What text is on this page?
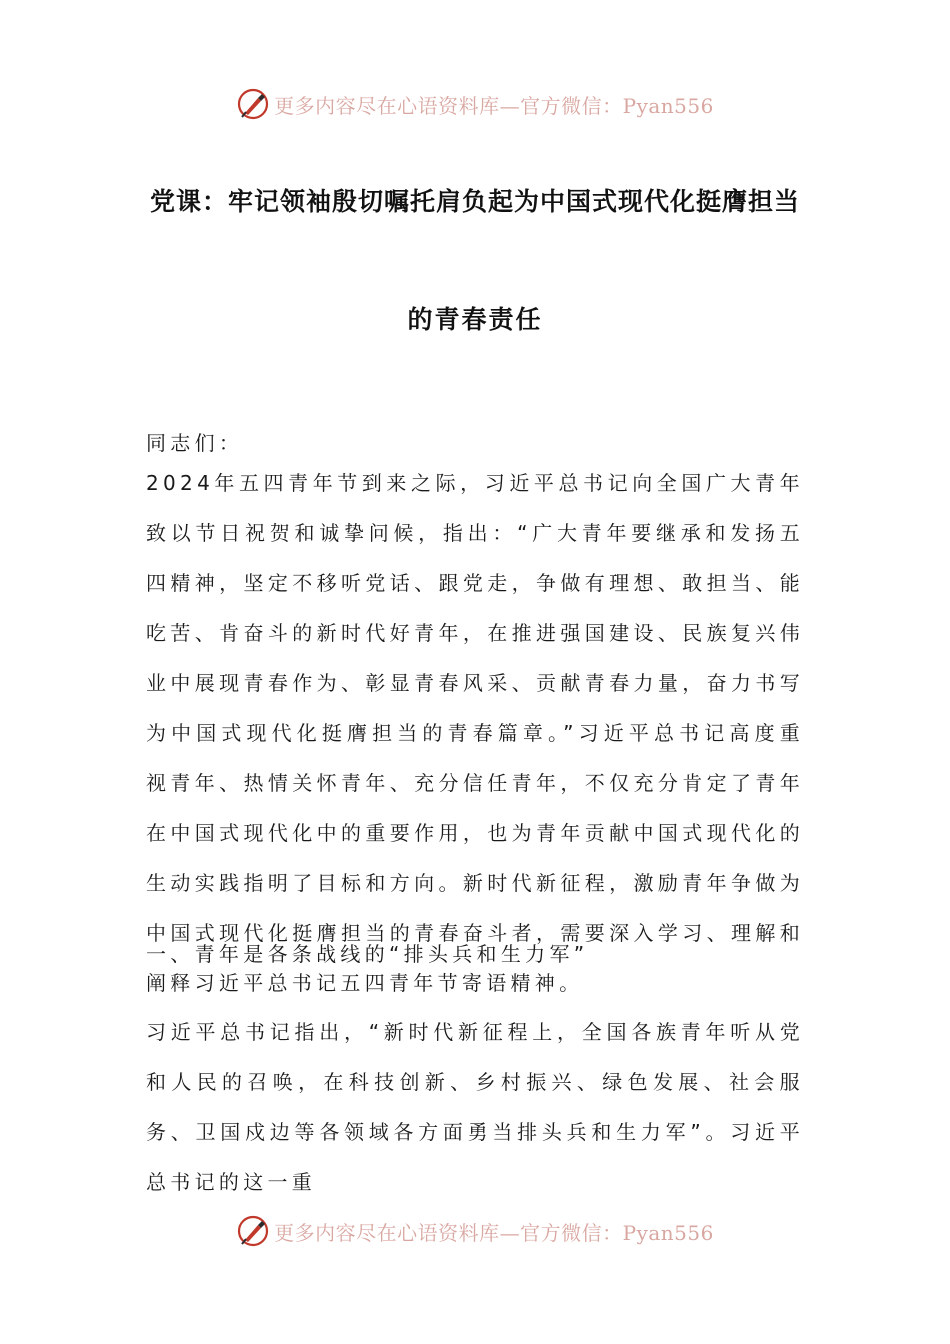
更多内容尽在心语资料库—官方微信：Pyan556
党课：牢记领袖殷切嘱托肩负起为中国式现代化挺膺担当
的青春责任

同志们：

2024年五四青年节到来之际，习近平总书记向全国广大青年致以节日祝贺和诚挚问候，指出：“广大青年要继承和发扬五四精神，坚定不移听党话、跟党走，争做有理想、敢担当、能吃苦、肯奋斗的新时代好青年，在推进强国建设、民族复兴伟业中展现青春作为、彰显青春风采、贡献青春力量，奋力书写为中国式现代化挺膺担当的青春篇章。”习近平总书记高度重视青年、热情关怀青年、充分信任青年，不仅充分肯定了青年在中国式现代化中的重要作用，也为青年贡献中国式现代化的生动实践指明了目标和方向。新时代新征程，激励青年争做为中国式现代化挺膺担当的青春奋斗者，需要深入学习、理解和阐释习近平总书记五四青年节寄语精神。

一、青年是各条战线的“排头兵和生力军”

习近平总书记指出，“新时代新征程上，全国各族青年听从党和人民的召唤，在科技创新、乡村振兴、绿色发展、社会服务、卫国戍边等各领域各方面勇当排头兵和生力军”。习近平总书记的这一重

更多内容尽在心语资料库—官方微信：Pyan556
